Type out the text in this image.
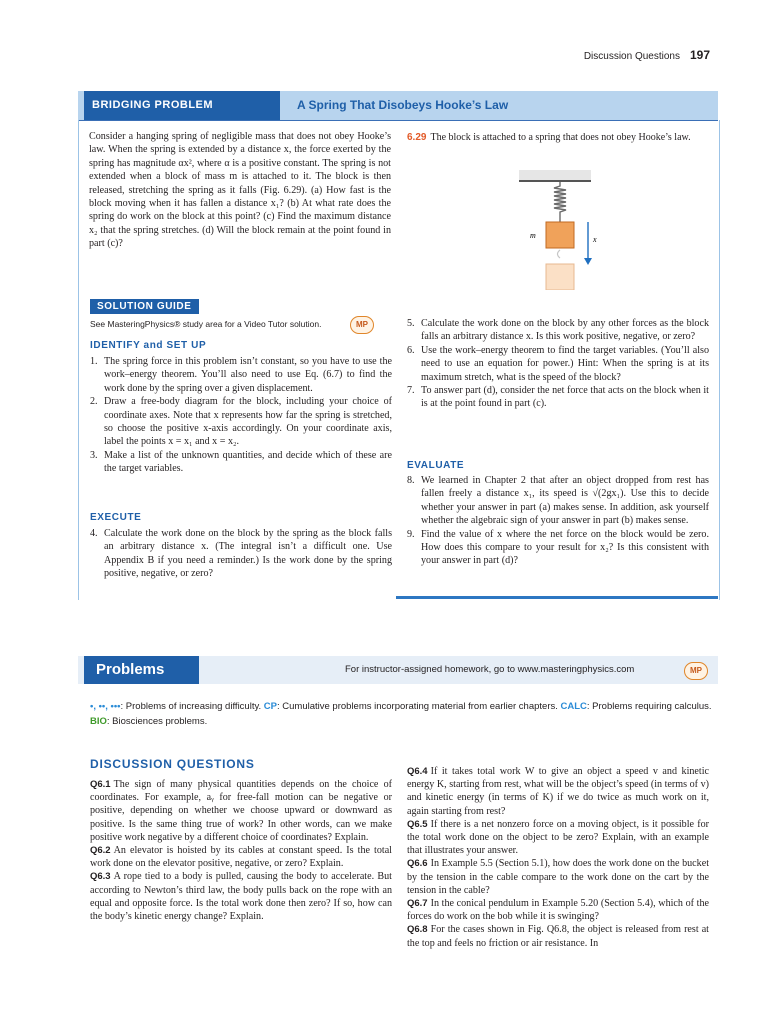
Discussion Questions 197
BRIDGING PROBLEM	A Spring That Disobeys Hooke’s Law
Consider a hanging spring of negligible mass that does not obey Hooke’s law. When the spring is extended by a distance x, the force exerted by the spring has magnitude αx², where α is a positive constant. The spring is not extended when a block of mass m is attached to it. The block is then released, stretching the spring as it falls (Fig. 6.29). (a) How fast is the block moving when it has fallen a distance x₁? (b) At what rate does the spring do work on the block at this point? (c) Find the maximum distance x₂ that the spring stretches. (d) Will the block remain at the point found in part (c)?
6.29 The block is attached to a spring that does not obey Hooke’s law.
m	x
SOLUTION GUIDE
See MasteringPhysics® study area for a Video Tutor solution.	MP
IDENTIFY and SET UP
1. The spring force in this problem isn’t constant, so you have to use the work–energy theorem. You’ll also need to use Eq. (6.7) to find the work done by the spring over a given displacement.
2. Draw a free-body diagram for the block, including your choice of coordinate axes. Note that x represents how far the spring is stretched, so choose the positive x-axis accordingly. On your coordinate axis, label the points x = x₁ and x = x₂.
3. Make a list of the unknown quantities, and decide which of these are the target variables.
EXECUTE
4. Calculate the work done on the block by the spring as the block falls an arbitrary distance x. (The integral isn’t a difficult one. Use Appendix B if you need a reminder.) Is the work done by the spring positive, negative, or zero?
5. Calculate the work done on the block by any other forces as the block falls an arbitrary distance x. Is this work positive, negative, or zero?
6. Use the work–energy theorem to find the target variables. (You’ll also need to use an equation for power.) Hint: When the spring is at its maximum stretch, what is the speed of the block?
7. To answer part (d), consider the net force that acts on the block when it is at the point found in part (c).
EVALUATE
8. We learned in Chapter 2 that after an object dropped from rest has fallen freely a distance x₁, its speed is √(2gx₁). Use this to decide whether your answer in part (a) makes sense. In addition, ask yourself whether the algebraic sign of your answer in part (b) makes sense.
9. Find the value of x where the net force on the block would be zero. How does this compare to your result for x₂? Is this consistent with your answer in part (d)?
Problems	For instructor-assigned homework, go to www.masteringphysics.com	MP
•, ••, •••: Problems of increasing difficulty. CP: Cumulative problems incorporating material from earlier chapters. CALC: Problems requiring calculus. BIO: Biosciences problems.
DISCUSSION QUESTIONS

Q6.1 The sign of many physical quantities depends on the choice of coordinates. For example, aᵧ for free-fall motion can be negative or positive, depending on whether we choose upward or downward as positive. Is the same thing true of work? In other words, can we make positive work negative by a different choice of coordinates? Explain.

Q6.2 An elevator is hoisted by its cables at constant speed. Is the total work done on the elevator positive, negative, or zero? Explain.

Q6.3 A rope tied to a body is pulled, causing the body to accelerate. But according to Newton’s third law, the body pulls back on the rope with an equal and opposite force. Is the total work done then zero? If so, how can the body’s kinetic energy change? Explain.

Q6.4 If it takes total work W to give an object a speed v and kinetic energy K, starting from rest, what will be the object’s speed (in terms of v) and kinetic energy (in terms of K) if we do twice as much work on it, again starting from rest?

Q6.5 If there is a net nonzero force on a moving object, is it possible for the total work done on the object to be zero? Explain, with an example that illustrates your answer.

Q6.6 In Example 5.5 (Section 5.1), how does the work done on the bucket by the tension in the cable compare to the work done on the cart by the tension in the cable?

Q6.7 In the conical pendulum in Example 5.20 (Section 5.4), which of the forces do work on the bob while it is swinging?

Q6.8 For the cases shown in Fig. Q6.8, the object is released from rest at the top and feels no friction or air resistance. In
